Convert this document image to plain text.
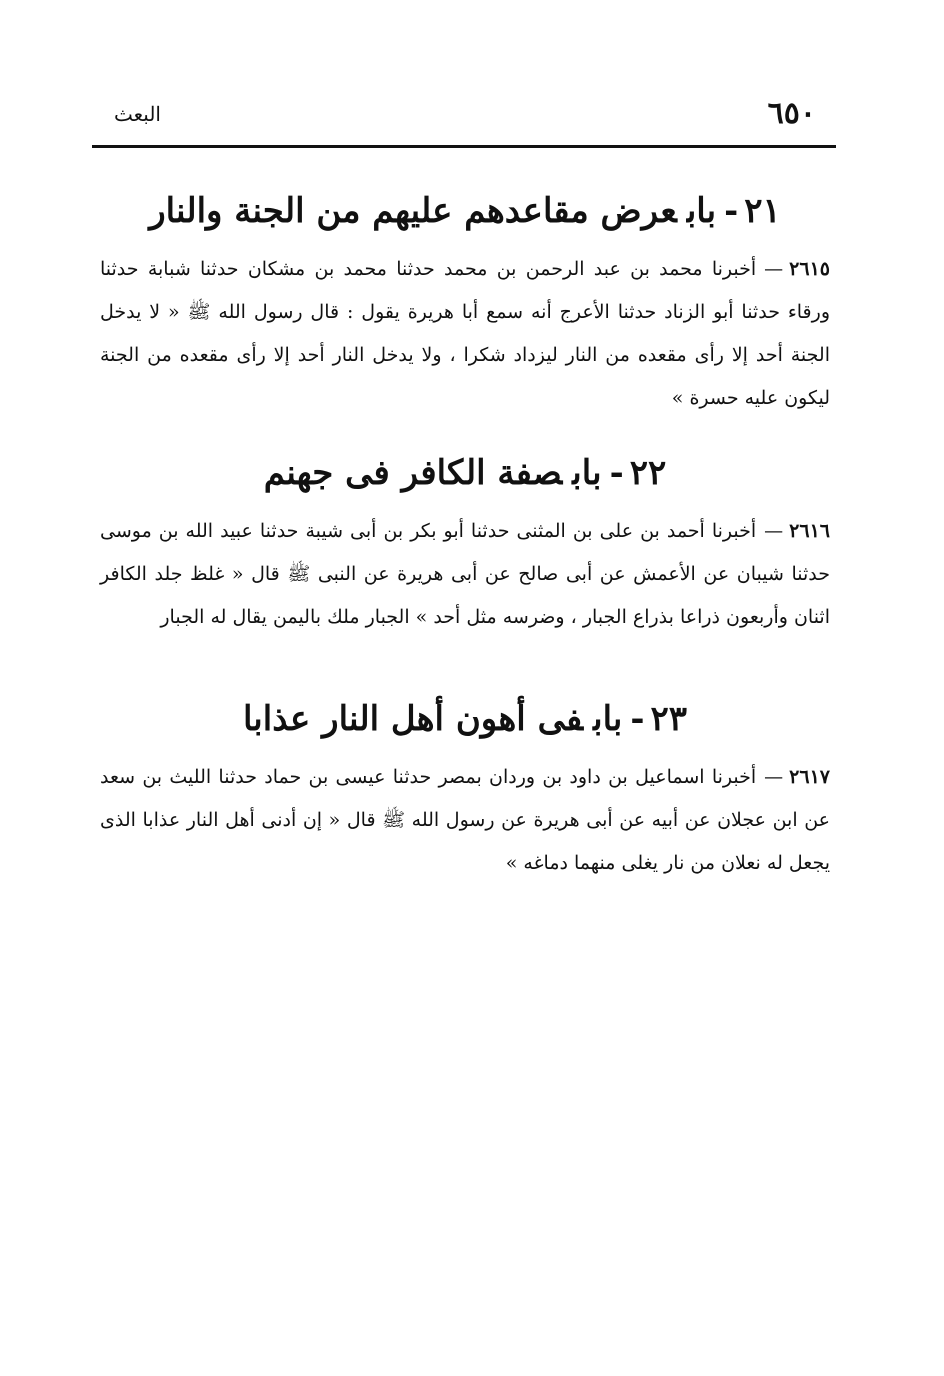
٦٥٠
البعث
٢١-بابعرض مقاعدهم عليهم من الجنة والنار

٢٦١٥—أخبرنا محمد بن عبد الرحمن بن محمد حدثنا محمد بن مشكان حدثنا شبابة حدثنا ورقاء حدثنا أبو الزناد حدثنا الأعرج أنه سمع أبا هريرة يقول : قال رسول الله ﷺ « لا يدخل الجنة أحد إلا رأى مقعده من النار ليزداد شكرا ، ولا يدخل النار أحد إلا رأى مقعده من الجنة ليكون عليه حسرة »

٢٢-بابصفة الكافر فى جهنم

٢٦١٦—أخبرنا أحمد بن على بن المثنى حدثنا أبو بكر بن أبى شيبة حدثنا عبيد الله بن موسى حدثنا شيبان عن الأعمش عن أبى صالح عن أبى هريرة عن النبى ﷺ قال « غلظ جلد الكافر اثنان وأربعون ذراعا بذراع الجبار ، وضرسه مثل أحد » الجبار ملك باليمن يقال له الجبار

٢٣-بابفى أهون أهل النار عذابا

٢٦١٧—أخبرنا اسماعيل بن داود بن وردان بمصر حدثنا عيسى بن حماد حدثنا الليث بن سعد عن ابن عجلان عن أبيه عن أبى هريرة عن رسول الله ﷺ قال « إن أدنى أهل النار عذابا الذى يجعل له نعلان من نار يغلى منهما دماغه »
